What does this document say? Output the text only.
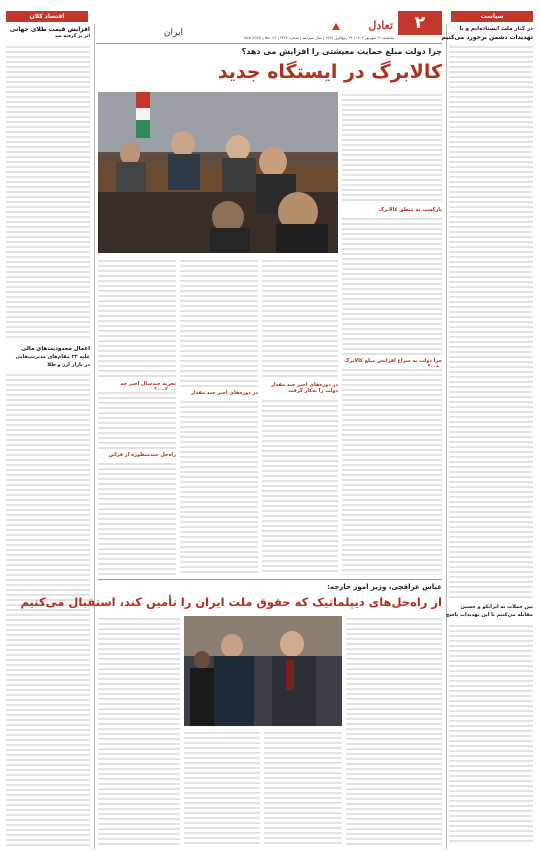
۲	سیاست
اقتصاد کلان
تعادل
ایران	پنجشنبه ۲۶ شهریور ۱۴۰۴ | ۲۴ ربیع‌الاول ۱۴۴۷ | سال سیزدهم | شماره ۳۳۶۳ | 17 .Sep 2025 | No.
در کنار ملت ایستاده‌ایم و با
تهدیدات دشمن برخورد می‌کنیم
بین حملات به ایرانکو و حسین
مقابله می‌کنیم تا این تهدیدات پاسخ
افزایش قیمت طلای جهانی
اثر بر گرفته شد
اعمال محدودیت‌های مالی
علیه ۲۲ مقام‌های مدیریت‌هایی
در بازار ارز و طلا
چرا دولت مبلغ حمایت معیشتی را افزایش می دهد؟
کالابرگ در ایستگاه جدید
بازگشت به منطق کالابرگ
چرا دولت به سراغ افزایش مبلغ کالابرگ
در دوره‌های اخیر چند مقدار دولت را به‌کار گرفت
در دوره‌های اخیر چند مقدار
تجربه چندسال اخیر چه
راه‌حل چندمنظوره از قرائن
عباس عراقچی، وزیر امور خارجه:
از راه‌حل‌های دیپلماتیک که حقوق ملت ایران را تأمین کند، استقبال می‌کنیم
